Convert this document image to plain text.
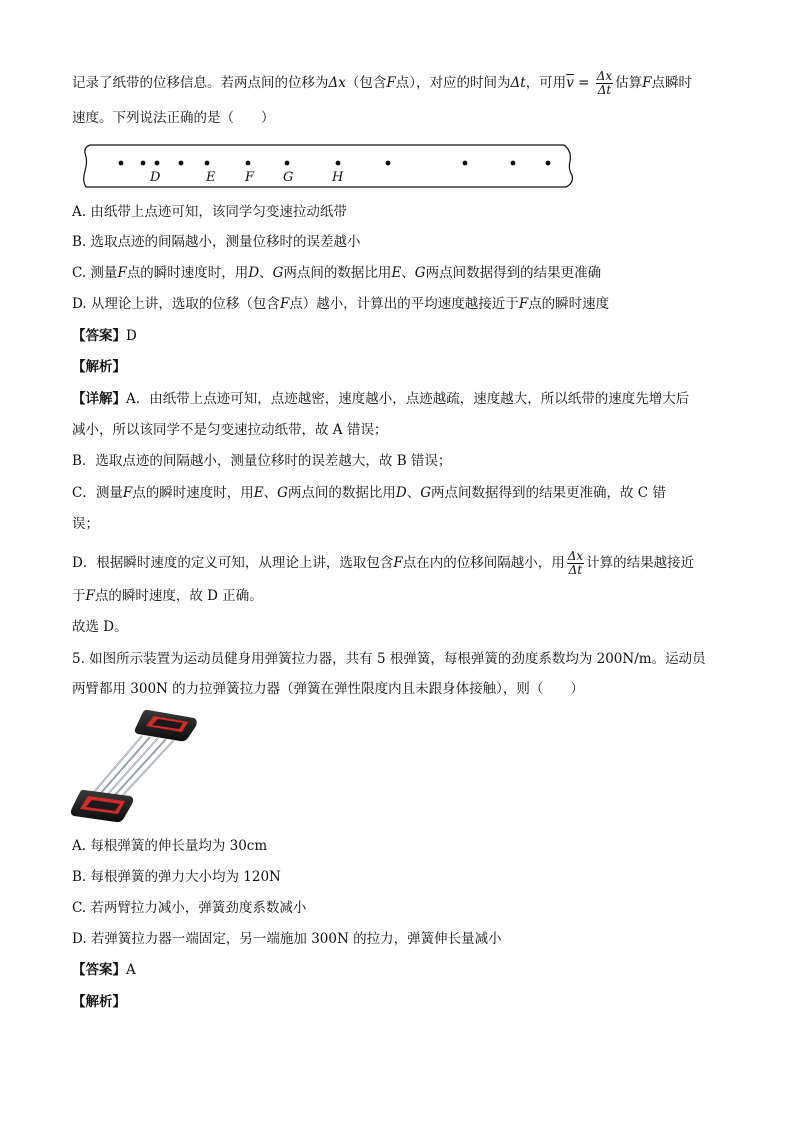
记录了纸带的位移信息。若两点间的位移为Δx（包含F点），对应的时间为Δt，可用$\overline{v} = \frac{\Delta x}{\Delta t}$ 估算F点瞬时
速度。下列说法正确的是（　　）
D	E F G	H
A. 由纸带上点迹可知，该同学匀变速拉动纸带
B. 选取点迹的间隔越小，测量位移时的误差越小
C. 测量F点的瞬时速度时，用D、G两点间的数据比用E、G两点间数据得到的结果更准确
D. 从理论上讲，选取的位移（包含F点）越小，计算出的平均速度越接近于F点的瞬时速度
【答案】D
【解析】
【详解】A．由纸带上点迹可知，点迹越密，速度越小，点迹越疏，速度越大，所以纸带的速度先增大后
减小，所以该同学不是匀变速拉动纸带，故 A 错误；
B．选取点迹的间隔越小，测量位移时的误差越大，故 B 错误；
C．测量F点的瞬时速度时，用E、G两点间的数据比用D、G两点间数据得到的结果更准确，故 C 错
误；
D．根据瞬时速度的定义可知，从理论上讲，选取包含F点在内的位移间隔越小，用 $\frac{\Delta x}{\Delta t}$ 计算的结果越接近
于F点的瞬时速度，故 D 正确。
故选 D。
5. 如图所示装置为运动员健身用弹簧拉力器，共有 5 根弹簧，每根弹簧的劲度系数均为 200N/m。运动员
两臂都用 300N 的力拉弹簧拉力器（弹簧在弹性限度内且未跟身体接触），则（　　）
A. 每根弹簧的伸长量均为 30cm
B. 每根弹簧的弹力大小均为 120N
C. 若两臂拉力减小，弹簧劲度系数减小
D. 若弹簧拉力器一端固定，另一端施加 300N 的拉力，弹簧伸长量减小
【答案】A
【解析】
